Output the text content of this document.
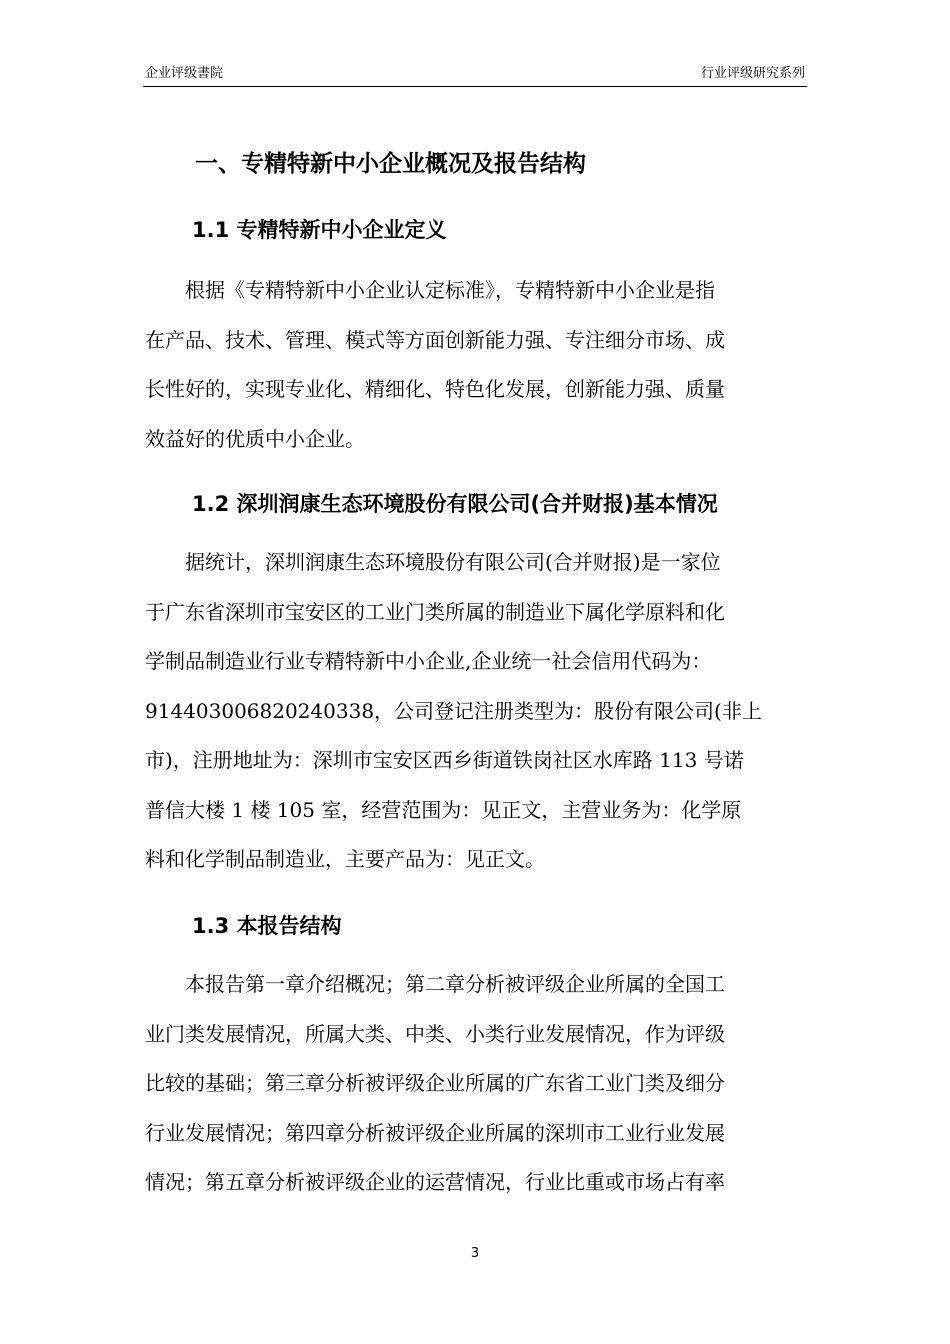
企业评级書院	行业评级研究系列
一、专精特新中小企业概况及报告结构
1.1 专精特新中小企业定义
　　根据《专精特新中小企业认定标准》，专精特新中小企业是指
在产品、技术、管理、模式等方面创新能力强、专注细分市场、成
长性好的，实现专业化、精细化、特色化发展，创新能力强、质量
效益好的优质中小企业。
1.2 深圳润康生态环境股份有限公司(合并财报)基本情况
　　据统计，深圳润康生态环境股份有限公司(合并财报)是一家位
于广东省深圳市宝安区的工业门类所属的制造业下属化学原料和化
学制品制造业行业专精特新中小企业,企业统一社会信用代码为：
914403006820240338，公司登记注册类型为：股份有限公司(非上
市)，注册地址为：深圳市宝安区西乡街道铁岗社区水库路 113 号诺
普信大楼 1 楼 105 室，经营范围为：见正文，主营业务为：化学原
料和化学制品制造业，主要产品为：见正文。
1.3 本报告结构
　　本报告第一章介绍概况；第二章分析被评级企业所属的全国工
业门类发展情况，所属大类、中类、小类行业发展情况，作为评级
比较的基础；第三章分析被评级企业所属的广东省工业门类及细分
行业发展情况；第四章分析被评级企业所属的深圳市工业行业发展
情况；第五章分析被评级企业的运营情况，行业比重或市场占有率
3
